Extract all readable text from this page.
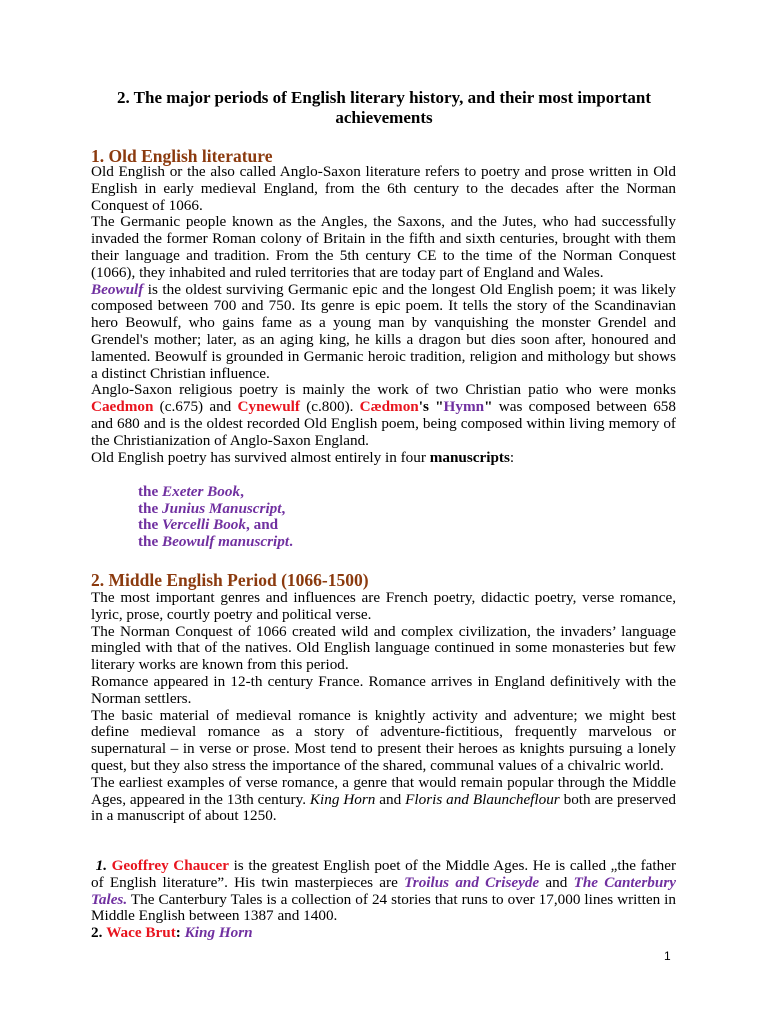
2. The major periods of English literary history, and their most important achievements
1. Old English literature

Old English or the also called Anglo-Saxon literature refers to poetry and prose written in Old English in early medieval England, from the 6th century to the decades after the Norman Conquest of 1066.

The Germanic people known as the Angles, the Saxons, and the Jutes, who had successfully invaded the former Roman colony of Britain in the fifth and sixth centuries, brought with them their language and tradition. From the 5th century CE to the time of the Norman Conquest (1066), they inhabited and ruled territories that are today part of England and Wales.

Beowulf is the oldest surviving Germanic epic and the longest Old English poem; it was likely composed between 700 and 750. Its genre is epic poem. It tells the story of the Scandinavian hero Beowulf, who gains fame as a young man by vanquishing the monster Grendel and Grendel's mother; later, as an aging king, he kills a dragon but dies soon after, honoured and lamented. Beowulf is grounded in Germanic heroic tradition, religion and mithology but shows a distinct Christian influence.

Anglo-Saxon religious poetry is mainly the work of two Christian patio who were monks Caedmon (c.675) and Cynewulf (c.800). Cædmon's "Hymn" was composed between 658 and 680 and is the oldest recorded Old English poem, being composed within living memory of the Christianization of Anglo-Saxon England.

Old English poetry has survived almost entirely in four manuscripts:

the Exeter Book,
the Junius Manuscript,
the Vercelli Book, and
the Beowulf manuscript.
2. Middle English Period (1066-1500)

The most important genres and influences are French poetry, didactic poetry, verse romance, lyric, prose, courtly poetry and political verse.

The Norman Conquest of 1066 created wild and complex civilization, the invaders’ language mingled with that of the natives. Old English language continued in some monasteries but few literary works are known from this period.

Romance appeared in 12-th century France. Romance arrives in England definitively with the Norman settlers.

The basic material of medieval romance is knightly activity and adventure; we might best define medieval romance as a story of adventure-fictitious, frequently marvelous or supernatural – in verse or prose. Most tend to present their heroes as knights pursuing a lonely quest, but they also stress the importance of the shared, communal values of a chivalric world.

The earliest examples of verse romance, a genre that would remain popular through the Middle Ages, appeared in the 13th century. King Horn and Floris and Blauncheflour both are preserved in a manuscript of about 1250.

1. Geoffrey Chaucer is the greatest English poet of the Middle Ages. He is called „the father of English literature”. His twin masterpieces are Troilus and Criseyde and The Canterbury Tales. The Canterbury Tales is a collection of 24 stories that runs to over 17,000 lines written in Middle English between 1387 and 1400.

2. Wace Brut: King Horn

1
